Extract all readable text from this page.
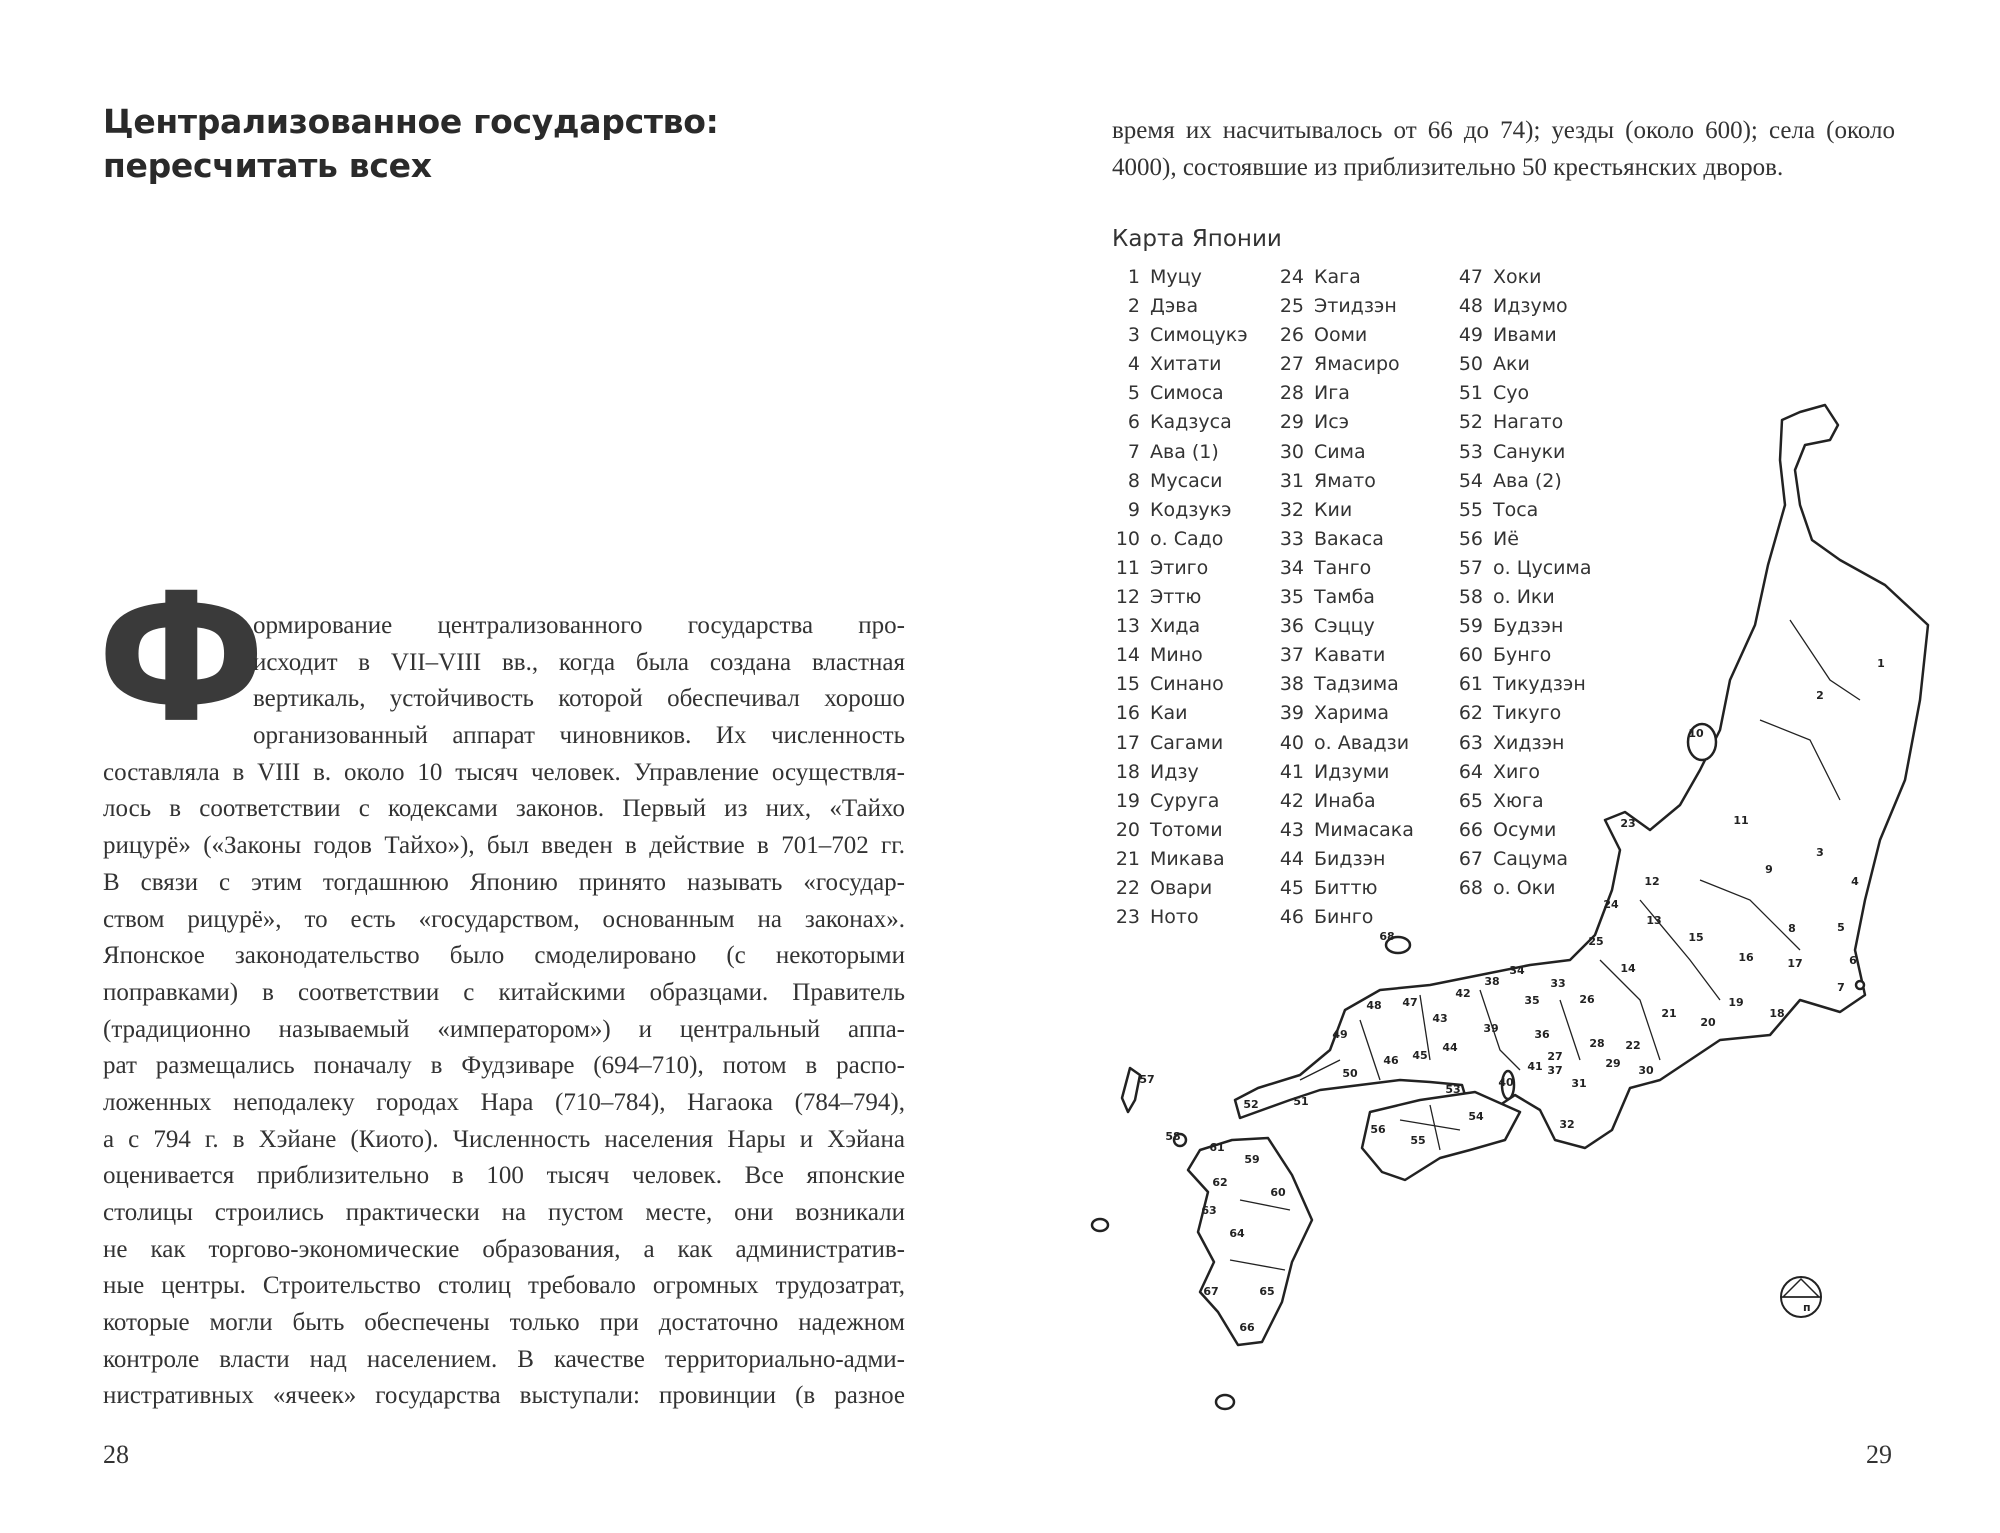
Централизованное государство:
пересчитать всех
Ф
ормирование централизованного государства про-
исходит в VII–VIII вв., когда была создана властная
вертикаль, устойчивость которой обеспечивал хорошо
организованный аппарат чиновников. Их численность
составляла в VIII в. около 10 тысяч человек. Управление осуществля-
лось в соответствии с кодексами законов. Первый из них, «Тайхо
рицурё» («Законы годов Тайхо»), был введен в действие в 701–702 гг.
В связи с этим тогдашнюю Японию принято называть «государ-
ством рицурё», то есть «государством, основанным на законах».
Японское законодательство было смоделировано (с некоторыми
поправками) в соответствии с китайскими образцами. Правитель
(традиционно называемый «императором») и центральный аппа-
рат размещались поначалу в Фудзиваре (694–710), потом в распо-
ложенных неподалеку городах Нара (710–784), Нагаока (784–794),
а с 794 г. в Хэйане (Киото). Численность населения Нары и Хэйана
оценивается приблизительно в 100 тысяч человек. Все японские
столицы строились практически на пустом месте, они возникали
не как торгово-экономические образования, а как административ-
ные центры. Строительство столиц требовало огромных трудозатрат,
которые могли быть обеспечены только при достаточно надежном
контроле власти над населением. В качестве территориально-адми-
нистративных «ячеек» государства выступали: провинции (в разное
28
время их насчитывалось от 66 до 74); уезды (около 600); села (около
4000), состоявшие из приблизительно 50 крестьянских дворов.
Карта Японии
1 Муцу
2 Дэва
3 Симоцукэ
4 Хитати
5 Симоса
6 Кадзуса
7 Ава (1)
8 Мусаси
9 Кодзукэ
10 о. Садо
11 Этиго
12 Эттю
13 Хида
14 Мино
15 Синано
16 Каи
17 Сагами
18 Идзу
19 Суруга
20 Тотоми
21 Микава
22 Овари
23 Ното
24 Кага
25 Этидзэн
26 Ооми
27 Ямасиро
28 Ига
29 Исэ
30 Сима
31 Ямато
32 Кии
33 Вакаса
34 Танго
35 Тамба
36 Сэццу
37 Кавати
38 Тадзима
39 Харима
40 о. Авадзи
41 Идзуми
42 Инаба
43 Мимасака
44 Бидзэн
45 Биттю
46 Бинго
47 Хоки
48 Идзумо
49 Ивами
50 Аки
51 Суо
52 Нагато
53 Сануки
54 Ава (2)
55 Тоса
56 Иё
57 о. Цусима
58 о. Ики
59 Будзэн
60 Бунго
61 Тикудзэн
62 Тикуго
63 Хидзэн
64 Хиго
65 Хюга
66 Осуми
67 Сацума
68 о. Оки
29
1
2
3
4
5
6
7
8
9
10
11
12
13
14
15
16	17
18
19
20
21
22
23
24
25
26
27
28
29
30
31
32
33
34
35
36
37
38
39
40
41
42
43
44
45
46
47
48
49
50
51
52
53
54
55
56
57
58
59
60
61
62
63
64
65
66
67
68
п
